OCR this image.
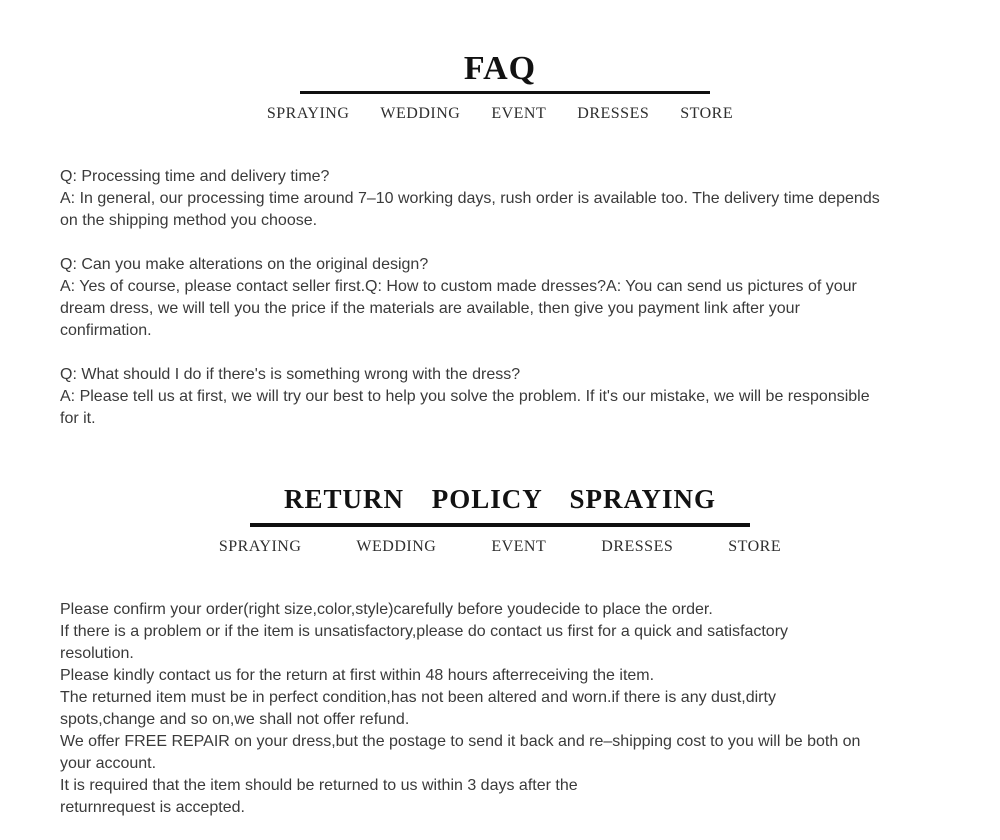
FAQ
SPRAYING WEDDING EVENT DRESSES STORE
Q: Processing time and delivery time?
A: In general, our processing time around 7–10 working days, rush order is available too. The delivery time depends
on the shipping method you choose.
Q: Can you make alterations on the original design?
A: Yes of course, please contact seller first.Q: How to custom made dresses?A: You can send us pictures of your
dream dress, we will tell you the price if the materials are available, then give you payment link after your
confirmation.
Q: What should I do if there's is something wrong with the dress?
A: Please tell us at first, we will try our best to help you solve the problem. If it's our mistake, we will be responsible
for it.
RETURN POLICY SPRAYING
SPRAYING	WEDDING	EVENT	DRESSES	STORE
Please confirm your order(right size,color,style)carefully before youdecide to place the order.
If there is a problem or if the item is unsatisfactory,please do contact us first for a quick and satisfactory
resolution.
Please kindly contact us for the return at first within 48 hours afterreceiving the item.
The returned item must be in perfect condition,has not been altered and worn.if there is any dust,dirty
spots,change and so on,we shall not offer refund.
We offer FREE REPAIR on your dress,but the postage to send it back and re–shipping cost to you will be both on
your account.
It is required that the item should be returned to us within 3 days after the
returnrequest is accepted.
